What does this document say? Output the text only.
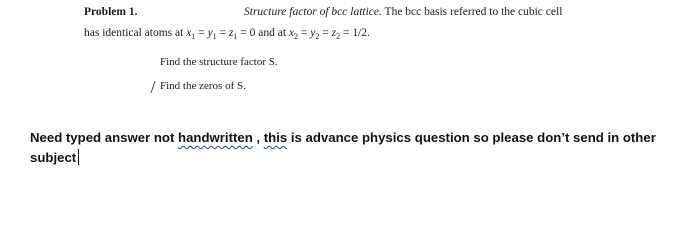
Problem 1.	Structure factor of bcc lattice. The bcc basis referred to the cubic cell
has identical atoms at $x_1 = y_1 = z_1 = 0$ and at $x_2 = y_2 = z_2 = 1/2$.
Find the structure factor S.
Find the zeros of S.
Need typed answer not handwritten , this is advance physics question so please don’t send in other subject
